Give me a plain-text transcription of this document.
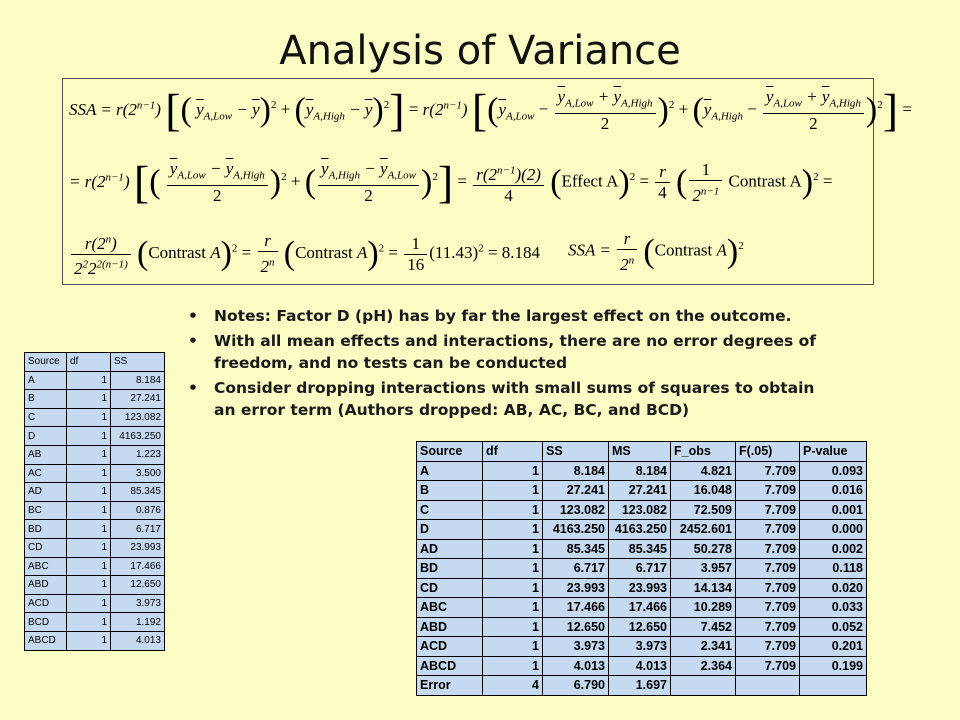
Analysis of Variance
SSA = $r(2^{n-1})$ [( $\overline{y}_{A,Low} - \overline{y})^2 + (\overline{y}_{A,High} - \overline{y})^2] = r(2^{n-1})$ $[(\overline{y}_{A,Low} - \frac{\overline{y}_{A,Low} + \overline{y}_{A,High}}{2} )^2 + (\overline{y}_{A,High} - \frac{\overline{y}_{A,Low} + \overline{y}_{A,High}}{2} )^2]$ =
= $r(2^{n-1})$ [( $\frac{\overline{y}_{A,Low} - \overline{y}_{A,High}}{2} )^2$ + ( $\frac{\overline{y}_{A,High} - \overline{y}_{A,Low}}{2} )^2] = \frac{r(2^{n-1})(2)}{4}$ (Effect $A)^2 = \frac{r}{4}$ ( $\frac{1}{2^{n-1}}$ Contrast A)$^2$ =
$\frac{r(2^n)}{2^22^{2(n-1)}}$ (Contrast $A)^2 = \frac{r}{2^n}$ (Contrast $A)^2 = \frac{1}{16} (11.43)^2 = 8.184$ SSA = $\frac{r}{2^n}$ (Contrast A)$^2$
• Notes: Factor D (pH) has by far the largest effect on the outcome.
• With all mean effects and interactions, there are no error degrees of freedom, and no tests can be conducted
• Consider dropping interactions with small sums of squares to obtain an error term (Authors dropped: AB, AC, BC, and BCD)
Source	df	SS
A	1	8.184
B	1	27.241
C	1	123.082
D	1	4163.250
AB	1	1.223
AC	1	3.500
AD	1	85.345
BC	1	0.876
BD	1	6.717
CD	1	23.993
ABC	1	17.466
ABD	1	12.650
ACD	1	3.973
BCD	1	1.192
ABCD	1	4.013
Source	df	SS	MS	F_obs	F(.05)	P-value
A	1	8.184	8.184	4.821	7.709	0.093
B	1	27.241	27.241	16.048	7.709	0.016
C	1	123.082	123.082	72.509	7.709	0.001
D	1	4163.250	4163.250	2452.601	7.709	0.000
AD	1	85.345	85.345	50.278	7.709	0.002
BD	1	6.717	6.717	3.957	7.709	0.118
CD	1	23.993	23.993	14.134	7.709	0.020
ABC	1	17.466	17.466	10.289	7.709	0.033
ABD	1	12.650	12.650	7.452	7.709	0.052
ACD	1	3.973	3.973	2.341	7.709	0.201
ABCD	1	4.013	4.013	2.364	7.709	0.199
Error	4	6.790	1.697			
